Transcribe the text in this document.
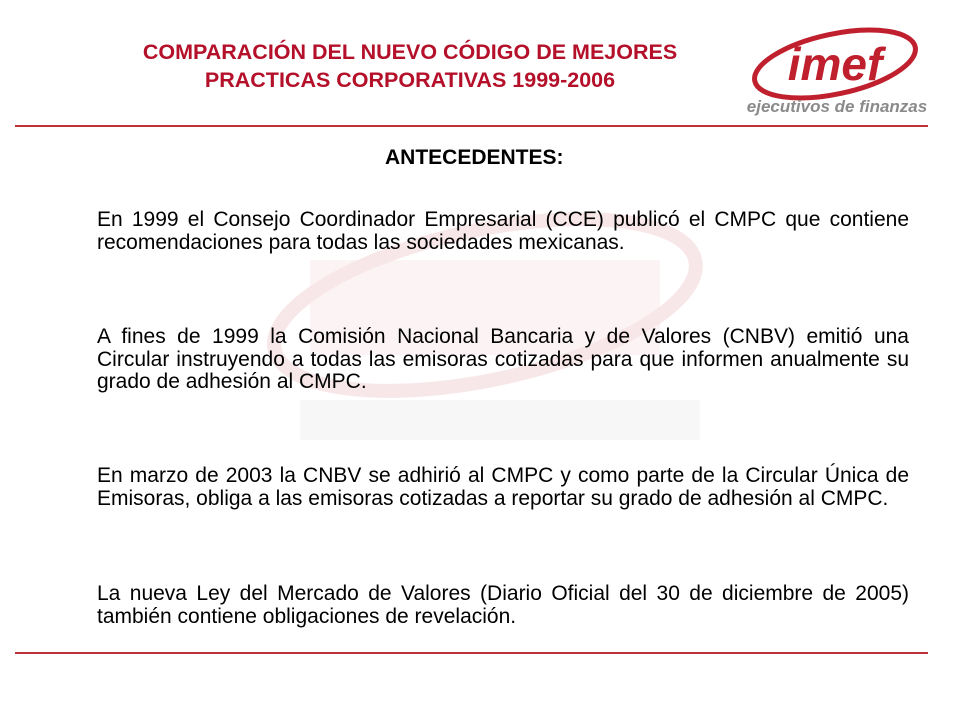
COMPARACIÓN DEL NUEVO CÓDIGO DE MEJORES
PRACTICAS CORPORATIVAS 1999-2006	imef
ejecutivos de finanzas
ANTECEDENTES:
En 1999 el Consejo Coordinador Empresarial (CCE) publicó el CMPC que contiene recomendaciones para todas las sociedades mexicanas.
A fines de 1999 la Comisión Nacional Bancaria y de Valores (CNBV) emitió una Circular instruyendo a todas las emisoras cotizadas para que informen anualmente su grado de adhesión al CMPC.
En marzo de 2003 la CNBV se adhirió al CMPC y como parte de la Circular Única de Emisoras, obliga a las emisoras cotizadas a reportar su grado de adhesión al CMPC.
La nueva Ley del Mercado de Valores (Diario Oficial del 30 de diciembre de 2005) también contiene obligaciones de revelación.
